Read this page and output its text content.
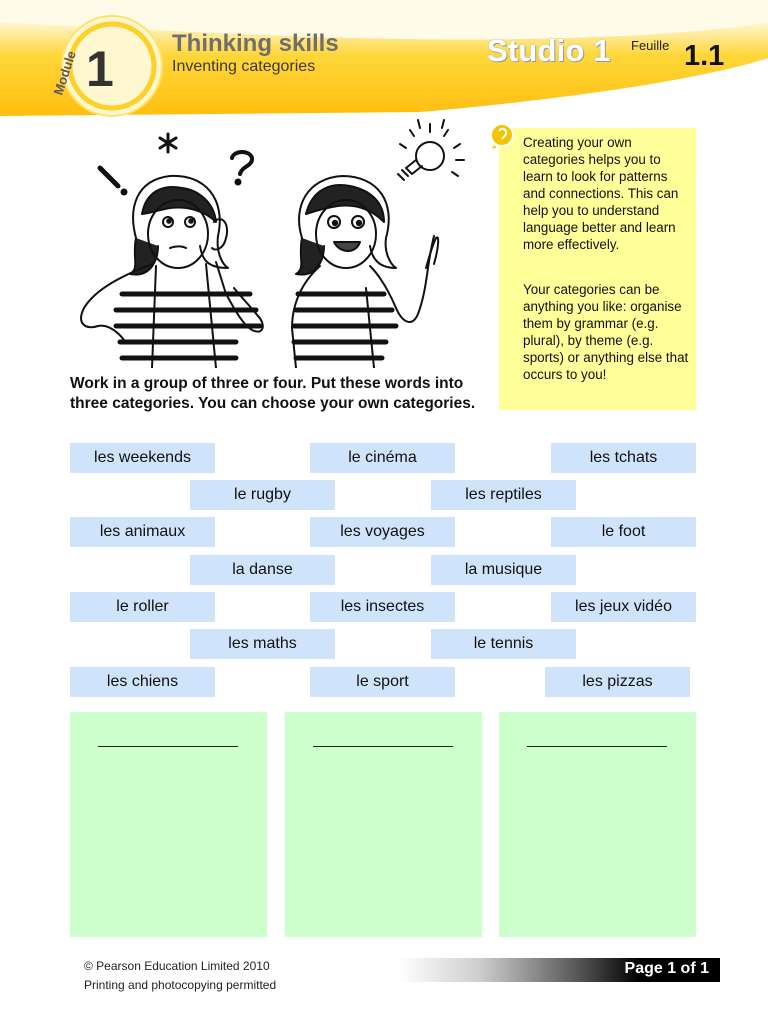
Module 1 Thinking skills
Inventing categories	Studio 1 Feuille 1.1

Creating your own categories helps you to learn to look for patterns and connections. This can help you to understand language better and learn more effectively.

Your categories can be anything you like: organise them by grammar (e.g. plural), by theme (e.g. sports) or anything else that occurs to you!

Work in a group of three or four. Put these words into three categories. You can choose your own categories.

les weekends	le cinéma	les tchats
le rugby	les reptiles
les animaux	les voyages	le foot
la danse	la musique
le roller	les insectes	les jeux vidéo
les maths	le tennis
les chiens	le sport	les pizzas
© Pearson Education Limited 2010
Printing and photocopying permitted
Page 1 of 1
